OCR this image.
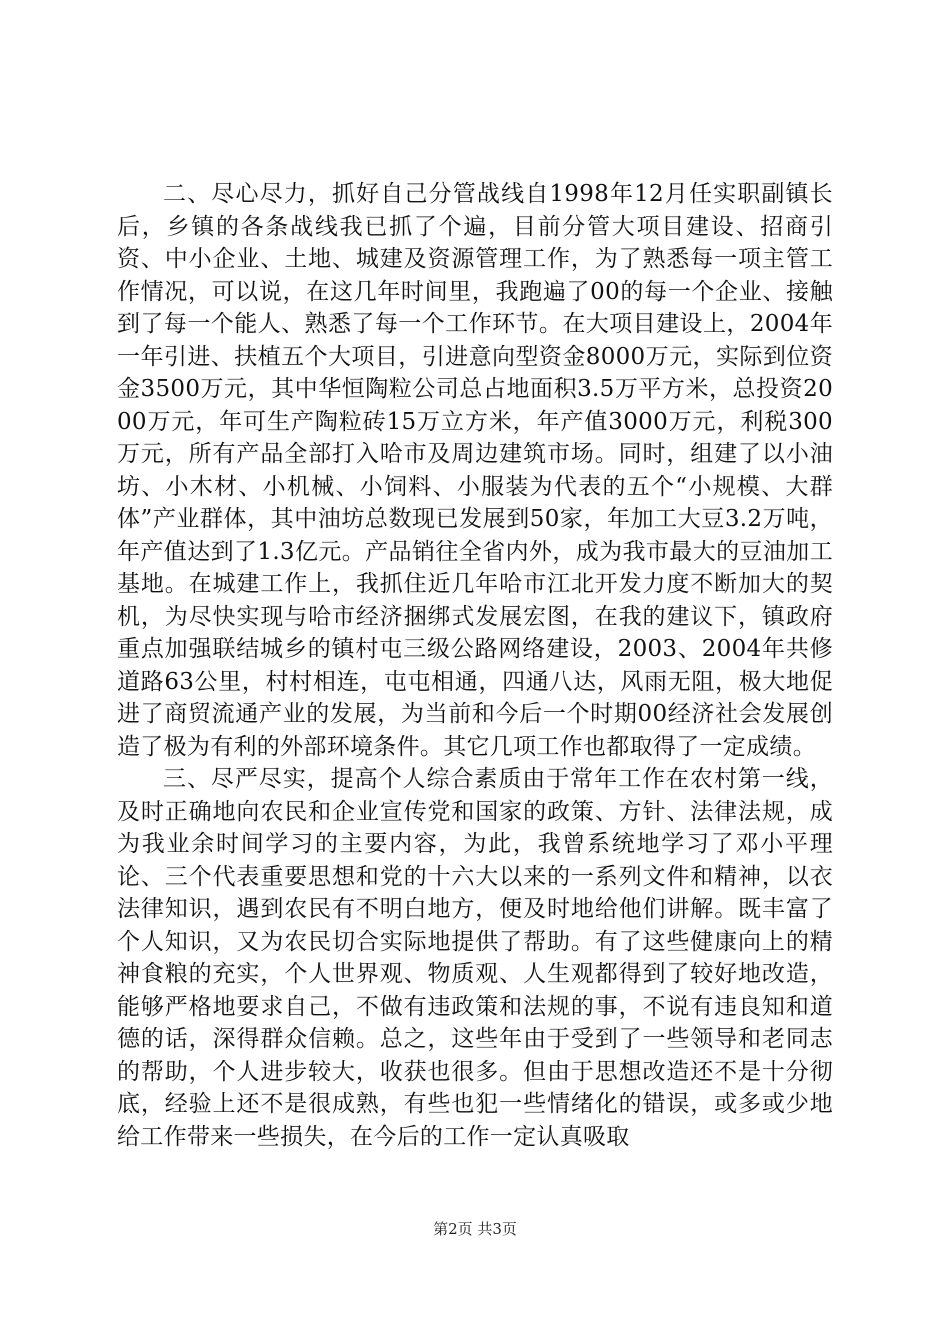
二、尽心尽力，抓好自己分管战线自1998年12月任实职副镇长后，乡镇的各条战线我已抓了个遍，目前分管大项目建设、招商引资、中小企业、土地、城建及资源管理工作，为了熟悉每一项主管工作情况，可以说，在这几年时间里，我跑遍了00的每一个企业、接触到了每一个能人、熟悉了每一个工作环节。在大项目建设上，2004年一年引进、扶植五个大项目，引进意向型资金8000万元，实际到位资金3500万元，其中华恒陶粒公司总占地面积3.5万平方米，总投资2000万元，年可生产陶粒砖15万立方米，年产值3000万元，利税300万元，所有产品全部打入哈市及周边建筑市场。同时，组建了以小油坊、小木材、小机械、小饲料、小服装为代表的五个“小规模、大群体”产业群体，其中油坊总数现已发展到50家，年加工大豆3.2万吨，年产值达到了1.3亿元。产品销往全省内外，成为我市最大的豆油加工基地。在城建工作上，我抓住近几年哈市江北开发力度不断加大的契机，为尽快实现与哈市经济捆绑式发展宏图，在我的建议下，镇政府重点加强联结城乡的镇村屯三级公路网络建设，2003、2004年共修道路63公里，村村相连，屯屯相通，四通八达，风雨无阻，极大地促进了商贸流通产业的发展，为当前和今后一个时期00经济社会发展创造了极为有利的外部环境条件。其它几项工作也都取得了一定成绩。

三、尽严尽实，提高个人综合素质由于常年工作在农村第一线，及时正确地向农民和企业宣传党和国家的政策、方针、法律法规，成为我业余时间学习的主要内容，为此，我曾系统地学习了邓小平理论、三个代表重要思想和党的十六大以来的一系列文件和精神，以衣法律知识，遇到农民有不明白地方，便及时地给他们讲解。既丰富了个人知识，又为农民切合实际地提供了帮助。有了这些健康向上的精神食粮的充实，个人世界观、物质观、人生观都得到了较好地改造，能够严格地要求自己，不做有违政策和法规的事，不说有违良知和道德的话，深得群众信赖。总之，这些年由于受到了一些领导和老同志的帮助，个人进步较大，收获也很多。但由于思想改造还不是十分彻底，经验上还不是很成熟，有些也犯一些情绪化的错误，或多或少地给工作带来一些损失，在今后的工作一定认真吸取

第2页 共3页
